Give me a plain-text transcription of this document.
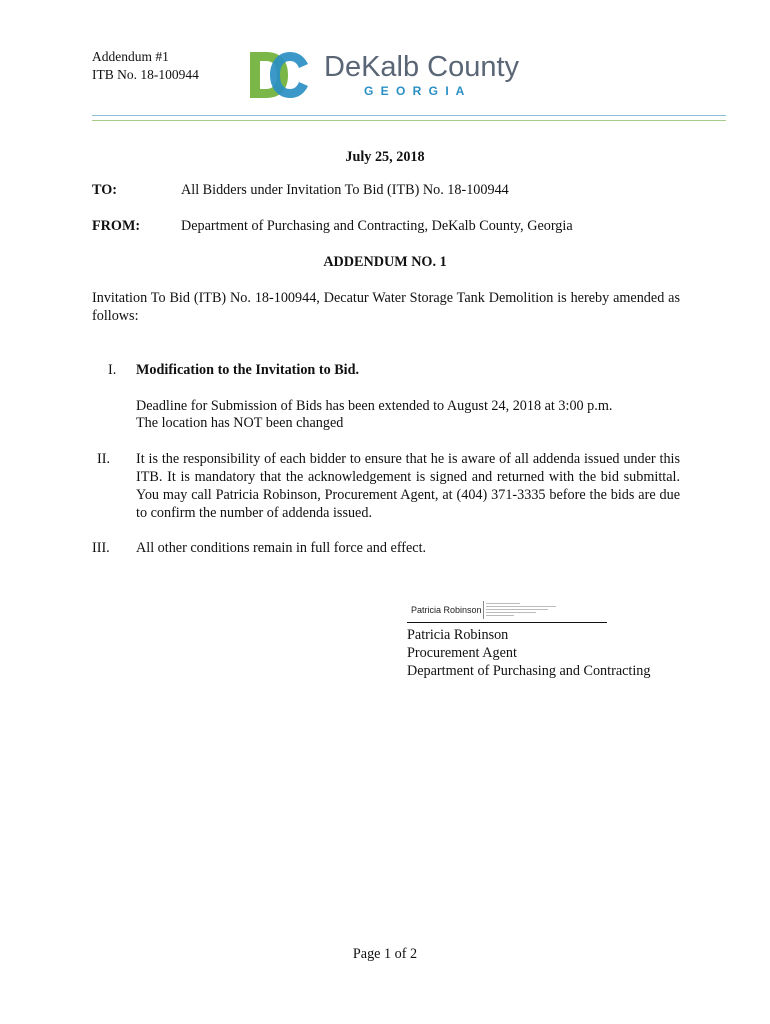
Addendum #1
ITB No. 18-100944	DeKalb County
G E O R G I A
July 25, 2018
TO:	All Bidders under Invitation To Bid (ITB) No. 18-100944
FROM:	Department of Purchasing and Contracting, DeKalb County, Georgia
ADDENDUM NO. 1
Invitation To Bid (ITB) No. 18-100944, Decatur Water Storage Tank Demolition is hereby amended as follows:
I. Modification to the Invitation to Bid.
Deadline for Submission of Bids has been extended to August 24, 2018 at 3:00 p.m.
The location has NOT been changed
II. It is the responsibility of each bidder to ensure that he is aware of all addenda issued under this ITB. It is mandatory that the acknowledgement is signed and returned with the bid submittal. You may call Patricia Robinson, Procurement Agent, at (404) 371-3335 before the bids are due to confirm the number of addenda issued.
III. All other conditions remain in full force and effect.
Patricia Robinson
Patricia Robinson
Procurement Agent
Department of Purchasing and Contracting
Page 1 of 2
